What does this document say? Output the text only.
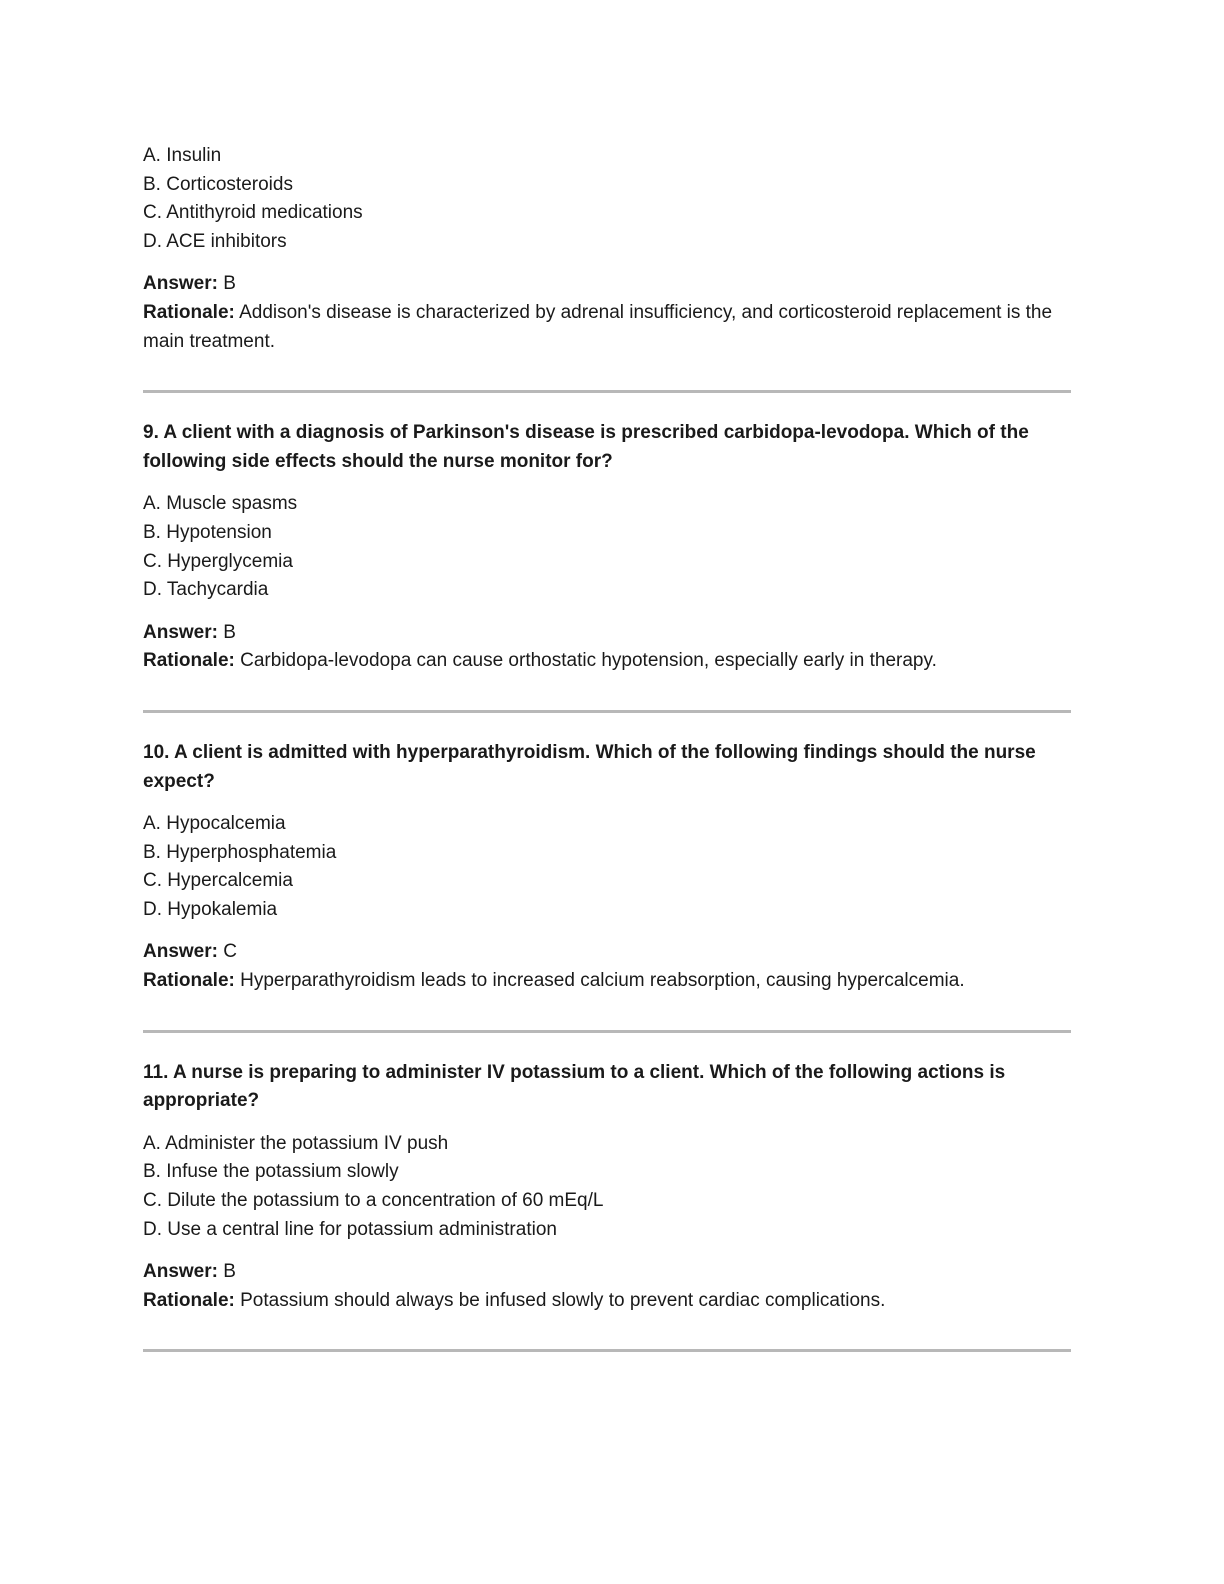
A. Insulin
B. Corticosteroids
C. Antithyroid medications
D. ACE inhibitors
Answer: B
Rationale: Addison's disease is characterized by adrenal insufficiency, and corticosteroid replacement is the main treatment.
9. A client with a diagnosis of Parkinson's disease is prescribed carbidopa-levodopa. Which of the following side effects should the nurse monitor for?
A. Muscle spasms
B. Hypotension
C. Hyperglycemia
D. Tachycardia
Answer: B
Rationale: Carbidopa-levodopa can cause orthostatic hypotension, especially early in therapy.
10. A client is admitted with hyperparathyroidism. Which of the following findings should the nurse expect?
A. Hypocalcemia
B. Hyperphosphatemia
C. Hypercalcemia
D. Hypokalemia
Answer: C
Rationale: Hyperparathyroidism leads to increased calcium reabsorption, causing hypercalcemia.
11. A nurse is preparing to administer IV potassium to a client. Which of the following actions is appropriate?
A. Administer the potassium IV push
B. Infuse the potassium slowly
C. Dilute the potassium to a concentration of 60 mEq/L
D. Use a central line for potassium administration
Answer: B
Rationale: Potassium should always be infused slowly to prevent cardiac complications.
